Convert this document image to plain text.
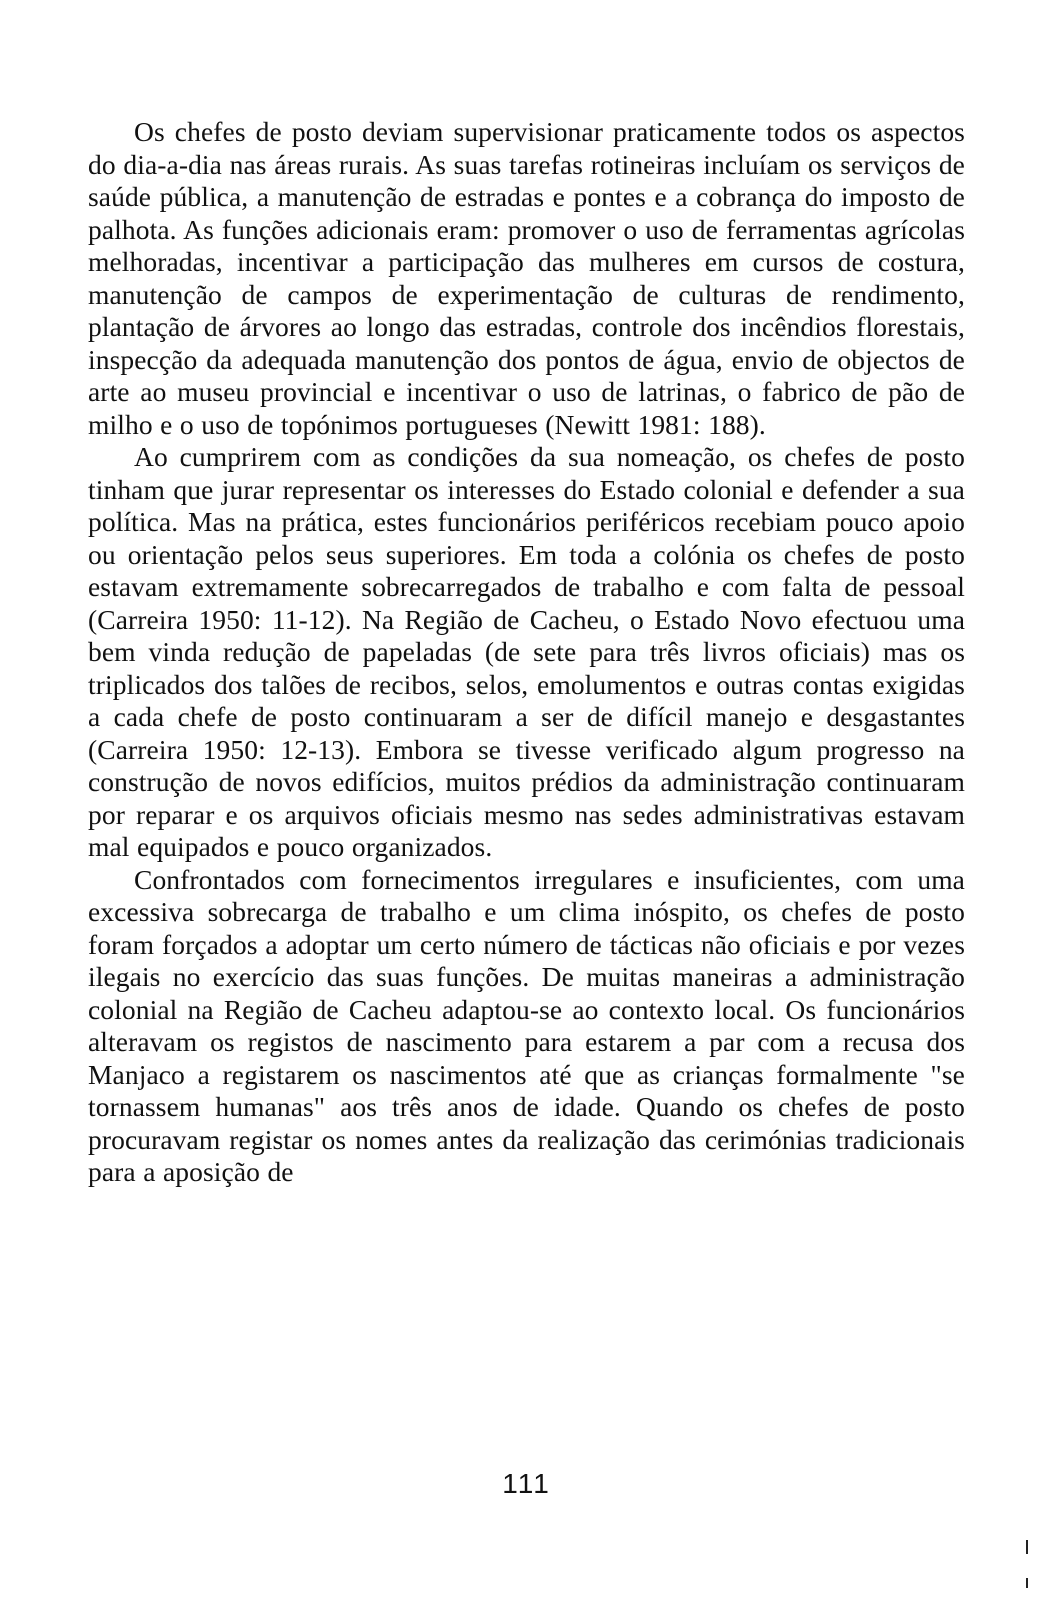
Os chefes de posto deviam supervisionar praticamente todos os aspectos do dia-a-dia nas áreas rurais. As suas tarefas rotineiras incluíam os serviços de saúde pública, a manutenção de estradas e pontes e a cobrança do imposto de palhota. As funções adicionais eram: promover o uso de ferramentas agrícolas melhoradas, incentivar a participação das mulheres em cursos de costura, manutenção de campos de experimentação de culturas de rendimento, plantação de árvores ao longo das estradas, controle dos incêndios florestais, inspecção da adequada manutenção dos pontos de água, envio de objectos de arte ao museu provincial e incentivar o uso de latrinas, o fabrico de pão de milho e o uso de topónimos portugueses (Newitt 1981: 188).

Ao cumprirem com as condições da sua nomeação, os chefes de posto tinham que jurar representar os interesses do Estado colonial e defender a sua política. Mas na prática, estes funcionários periféricos recebiam pouco apoio ou orientação pelos seus superiores. Em toda a colónia os chefes de posto estavam extremamente sobrecarregados de trabalho e com falta de pessoal (Carreira 1950: 11-12). Na Região de Cacheu, o Estado Novo efectuou uma bem vinda redução de papeladas (de sete para três livros oficiais) mas os triplicados dos talões de recibos, selos, emolumentos e outras contas exigidas a cada chefe de posto continuaram a ser de difícil manejo e desgastantes (Carreira 1950: 12-13). Embora se tivesse verificado algum progresso na construção de novos edifícios, muitos prédios da administração continuaram por reparar e os arquivos oficiais mesmo nas sedes administrativas estavam mal equipados e pouco organizados.

Confrontados com fornecimentos irregulares e insuficientes, com uma excessiva sobrecarga de trabalho e um clima inóspito, os chefes de posto foram forçados a adoptar um certo número de tácticas não oficiais e por vezes ilegais no exercício das suas funções. De muitas maneiras a administração colonial na Região de Cacheu adaptou-se ao contexto local. Os funcionários alteravam os registos de nascimento para estarem a par com a recusa dos Manjaco a registarem os nascimentos até que as crianças formalmente "se tornassem humanas" aos três anos de idade. Quando os chefes de posto procuravam registar os nomes antes da realização das cerimónias tradicionais para a aposição de

111
